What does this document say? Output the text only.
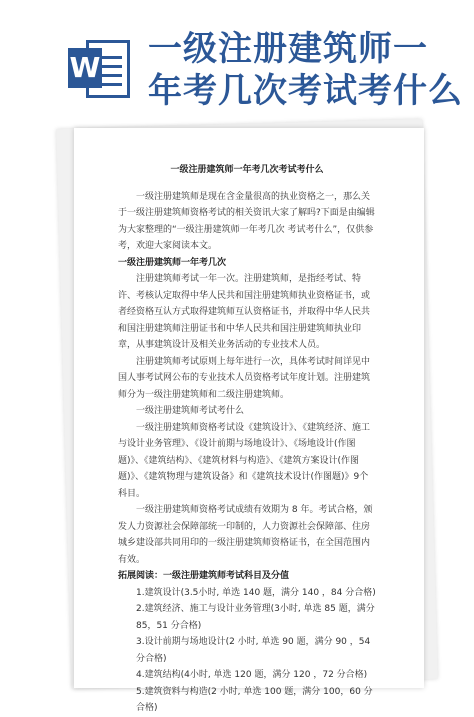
W 一级注册建筑师一
年考几次考试考什么
一级注册建筑师一年考几次考试考什么

一级注册建筑师是现在含金量很高的执业资格之一，那么关于一级注册建筑师资格考试的相关资讯大家了解吗?下面是由编辑为大家整理的“一级注册建筑师一年考几次 考试考什么”，仅供参考，欢迎大家阅读本文。

一级注册建筑师一年考几次

注册建筑师考试一年一次。注册建筑师，是指经考试、特许、考核认定取得中华人民共和国注册建筑师执业资格证书，或者经资格互认方式取得建筑师互认资格证书，并取得中华人民共和国注册建筑师注册证书和中华人民共和国注册建筑师执业印章，从事建筑设计及相关业务活动的专业技术人员。

注册建筑师考试原则上每年进行一次，具体考试时间详见中国人事考试网公布的专业技术人员资格考试年度计划。注册建筑师分为一级注册建筑师和二级注册建筑师。

一级注册建筑师考试考什么

一级注册建筑师资格考试设《建筑设计》、《建筑经济、施工与设计业务管理》、《设计前期与场地设计》、《场地设计(作图题)》、《建筑结构》、《建筑材料与构造》、《建筑方案设计(作图题)》、《建筑物理与建筑设备》和《建筑技术设计(作图题)》9个科目。

一级注册建筑师资格考试成绩有效期为 8 年。考试合格，颁发人力资源社会保障部统一印制的，人力资源社会保障部、住房城乡建设部共同用印的一级注册建筑师资格证书，在全国范围内有效。

拓展阅读：一级注册建筑师考试科目及分值

1.建筑设计(3.5小时, 单选 140 题，满分 140 ，84 分合格)

2.建筑经济、施工与设计业务管理(3小时, 单选 85 题，满分 85，51 分合格)

3.设计前期与场地设计(2 小时, 单选 90 题，满分 90 ，54 分合格)

4.建筑结构(4小时, 单选 120 题，满分 120 ，72 分合格)

5.建筑资料与构造(2 小时, 单选 100 题，满分 100，60 分合格)
